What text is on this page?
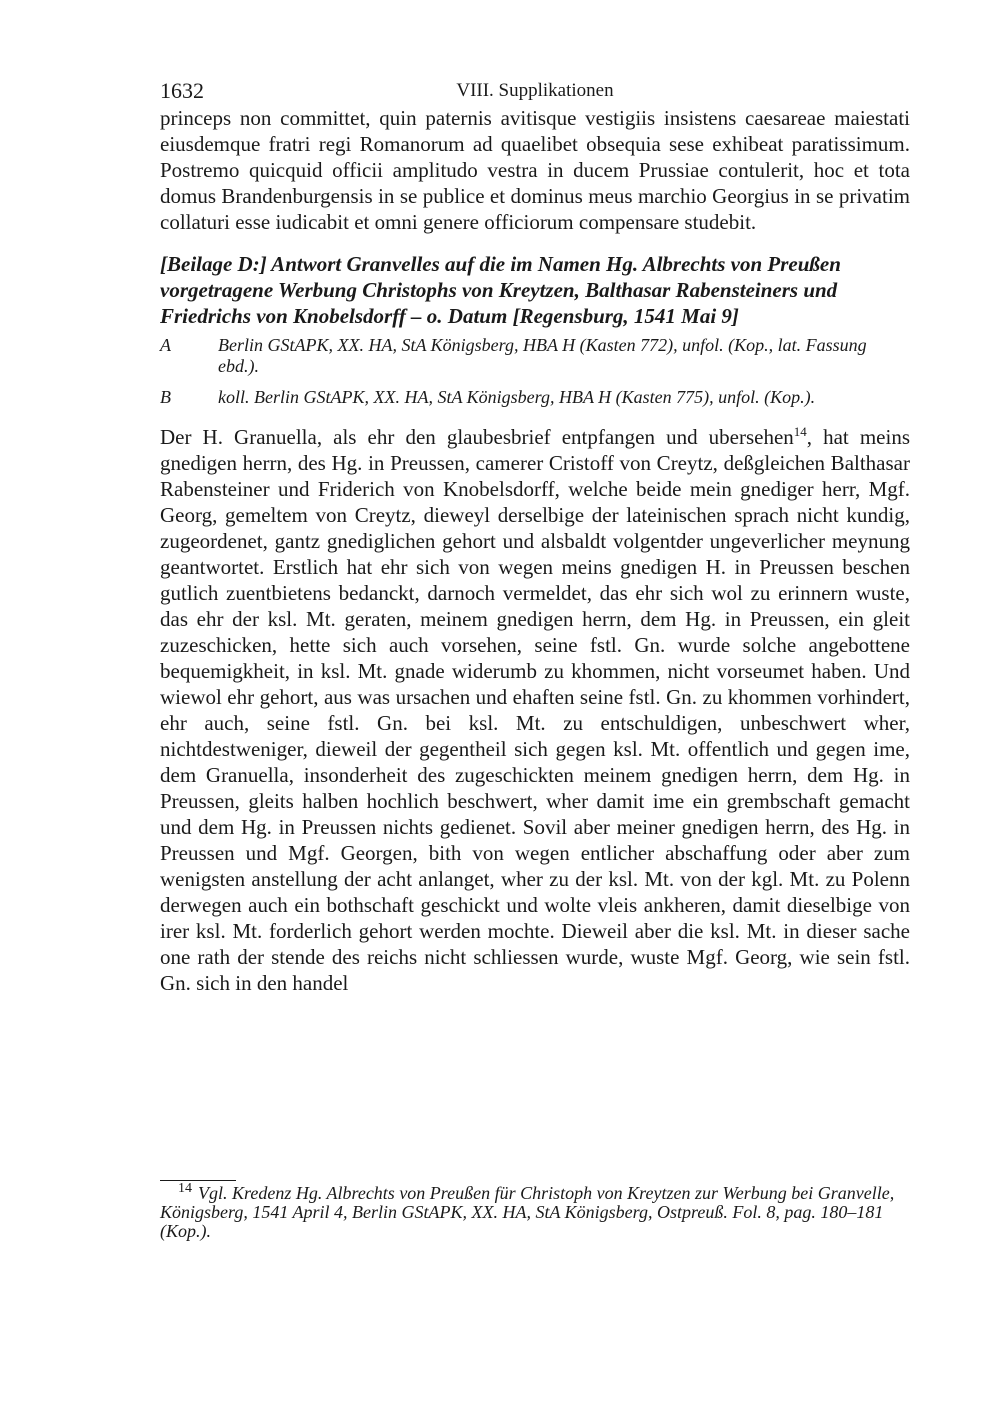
1632	VIII. Supplikationen

princeps non committet, quin paternis avitisque vestigiis insistens caesareae maiestati eiusdemque fratri regi Romanorum ad quaelibet obsequia sese exhibeat paratissimum. Postremo quicquid officii amplitudo vestra in ducem Prussiae contulerit, hoc et tota domus Brandenburgensis in se publice et dominus meus marchio Georgius in se privatim collaturi esse iudicabit et omni genere officiorum compensare studebit.

[Beilage D:] Antwort Granvelles auf die im Namen Hg. Albrechts von Preußen vorgetragene Werbung Christophs von Kreytzen, Balthasar Rabensteiners und Friedrichs von Knobelsdorff – o. Datum [Regensburg, 1541 Mai 9]
A	Berlin GStAPK, XX. HA, StA Königsberg, HBA H (Kasten 772), unfol. (Kop., lat. Fassung ebd.).
B	koll. Berlin GStAPK, XX. HA, StA Königsberg, HBA H (Kasten 775), unfol. (Kop.).

Der H. Granuella, als ehr den glaubesbrief entpfangen und ubersehen$^{14}$, hat meins gnedigen herrn, des Hg. in Preussen, camerer Cristoff von Creytz, deßgleichen Balthasar Rabensteiner und Friderich von Knobelsdorff, welche beide mein gnediger herr, Mgf. Georg, gemeltem von Creytz, dieweyl derselbige der lateinischen sprach nicht kundig, zugeordenet, gantz gnediglichen gehort und alsbaldt volgentder ungeverlicher meynung geantwortet. Erstlich hat ehr sich von wegen meins gnedigen H. in Preussen beschen gutlich zuentbietens bedanckt, darnoch vermeldet, das ehr sich wol zu erinnern wuste, das ehr der ksl. Mt. geraten, meinem gnedigen herrn, dem Hg. in Preussen, ein gleit zuzeschicken, hette sich auch vorsehen, seine fstl. Gn. wurde solche angebottene bequemigkheit, in ksl. Mt. gnade widerumb zu khommen, nicht vorseumet haben. Und wiewol ehr gehort, aus was ursachen und ehaften seine fstl. Gn. zu khommen vorhindert, ehr auch, seine fstl. Gn. bei ksl. Mt. zu entschuldigen, unbeschwert wher, nichtdestweniger, dieweil der gegentheil sich gegen ksl. Mt. offentlich und gegen ime, dem Granuella, insonderheit des zugeschickten meinem gnedigen herrn, dem Hg. in Preussen, gleits halben hochlich beschwert, wher damit ime ein grembschaft gemacht und dem Hg. in Preussen nichts gedienet. Sovil aber meiner gnedigen herrn, des Hg. in Preussen und Mgf. Georgen, bith von wegen entlicher abschaffung oder aber zum wenigsten anstellung der acht anlanget, wher zu der ksl. Mt. von der kgl. Mt. zu Polenn derwegen auch ein bothschaft geschickt und wolte vleis ankheren, damit dieselbige von irer ksl. Mt. forderlich gehort werden mochte. Dieweil aber die ksl. Mt. in dieser sache one rath der stende des reichs nicht schliessen wurde, wuste Mgf. Georg, wie sein fstl. Gn. sich in den handel

$^{14}$ Vgl. Kredenz Hg. Albrechts von Preußen für Christoph von Kreytzen zur Werbung bei Granvelle, Königsberg, 1541 April 4, Berlin GStAPK, XX. HA, StA Königsberg, Ostpreuß. Fol. 8, pag. 180–181 (Kop.).
